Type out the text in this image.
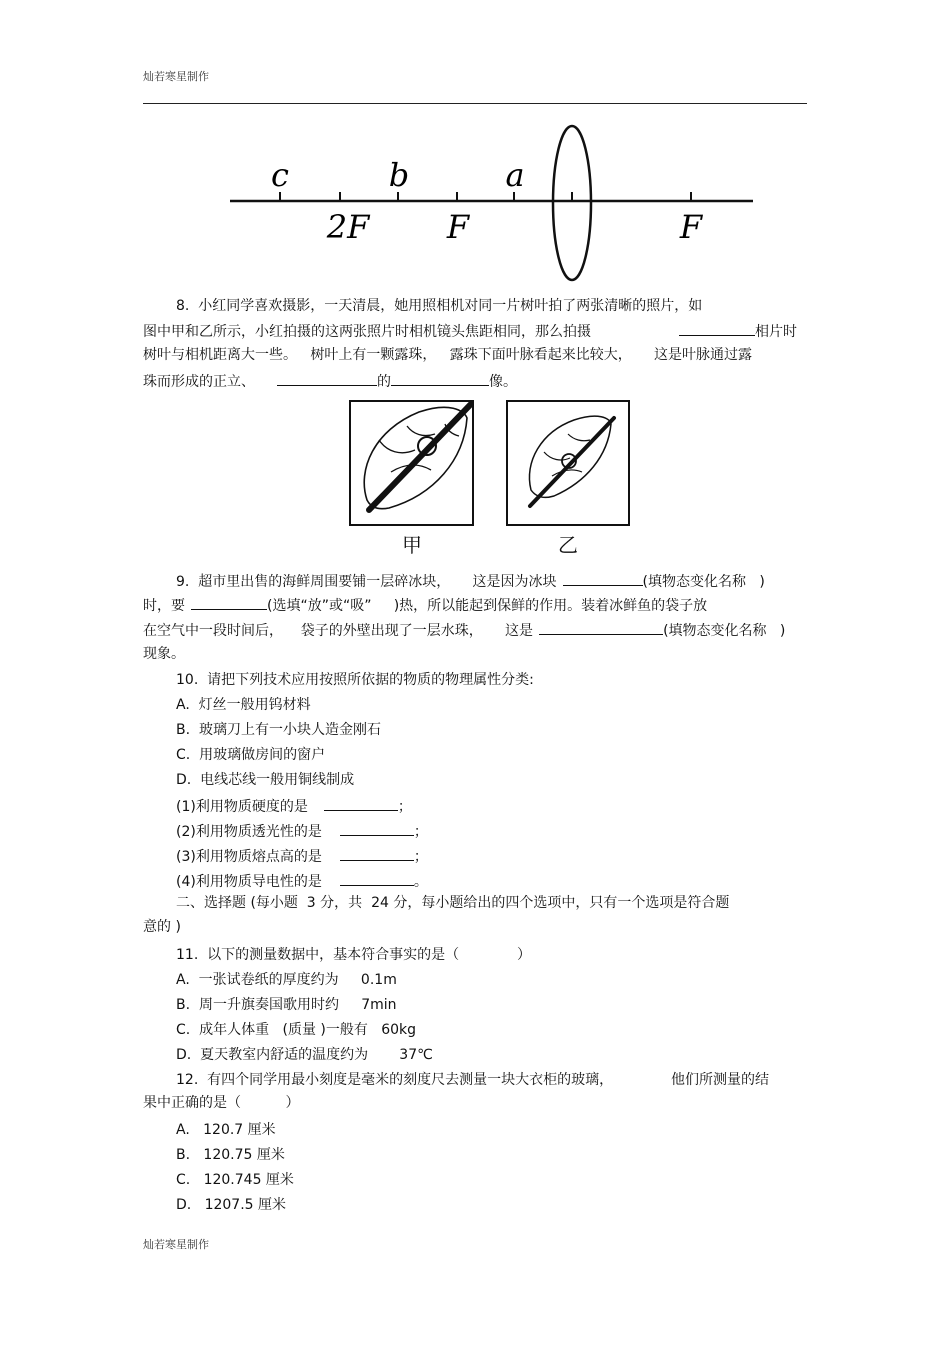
灿若寒星制作
c	b	a
2F F	F
8.  小红同学喜欢摄影，一天清晨，她用照相机对同一片树叶拍了两张清晰的照片，如
图中甲和乙所示，小红拍摄的这两张照片时相机镜头焦距相同，那么拍摄	相片时
树叶与相机距离大一些。   树叶上有一颗露珠，   露珠下面叶脉看起来比较大，     这是叶脉通过露
珠而形成的正立、	的	像。
甲	乙
9.  超市里出售的海鲜周围要铺一层碎冰块，     这是因为冰块	(填物态变化名称   )
时，要	(选填“放”或“吸”     )热，所以能起到保鲜的作用。装着冰鲜鱼的袋子放
在空气中一段时间后，    袋子的外壁出现了一层水珠，     这是	(填物态变化名称   )
现象。
10.  请把下列技术应用按照所依据的物质的物理属性分类:
A.  灯丝一般用钨材料
B.  玻璃刀上有一小块人造金刚石
C.  用玻璃做房间的窗户
D.  电线芯线一般用铜线制成
(1)利用物质硬度的是	；
(2)利用物质透光性的是	；
(3)利用物质熔点高的是	；
(4)利用物质导电性的是	。
二、选择题 (每小题  3 分，共  24 分，每小题给出的四个选项中，只有一个选项是符合题
意的 )
11.  以下的测量数据中，基本符合事实的是（             ）
A.  一张试卷纸的厚度约为     0.1m
B.  周一升旗奏国歌用时约     7min
C.  成年人体重   (质量 )一般有   60kg
D.  夏天教室内舒适的温度约为       37℃
12.  有四个同学用最小刻度是毫米的刻度尺去测量一块大衣柜的玻璃，             他们所测量的结
果中正确的是（          ）
A.   120.7 厘米
B.   120.75 厘米
C.   120.745 厘米
D.   1207.5 厘米
灿若寒星制作
